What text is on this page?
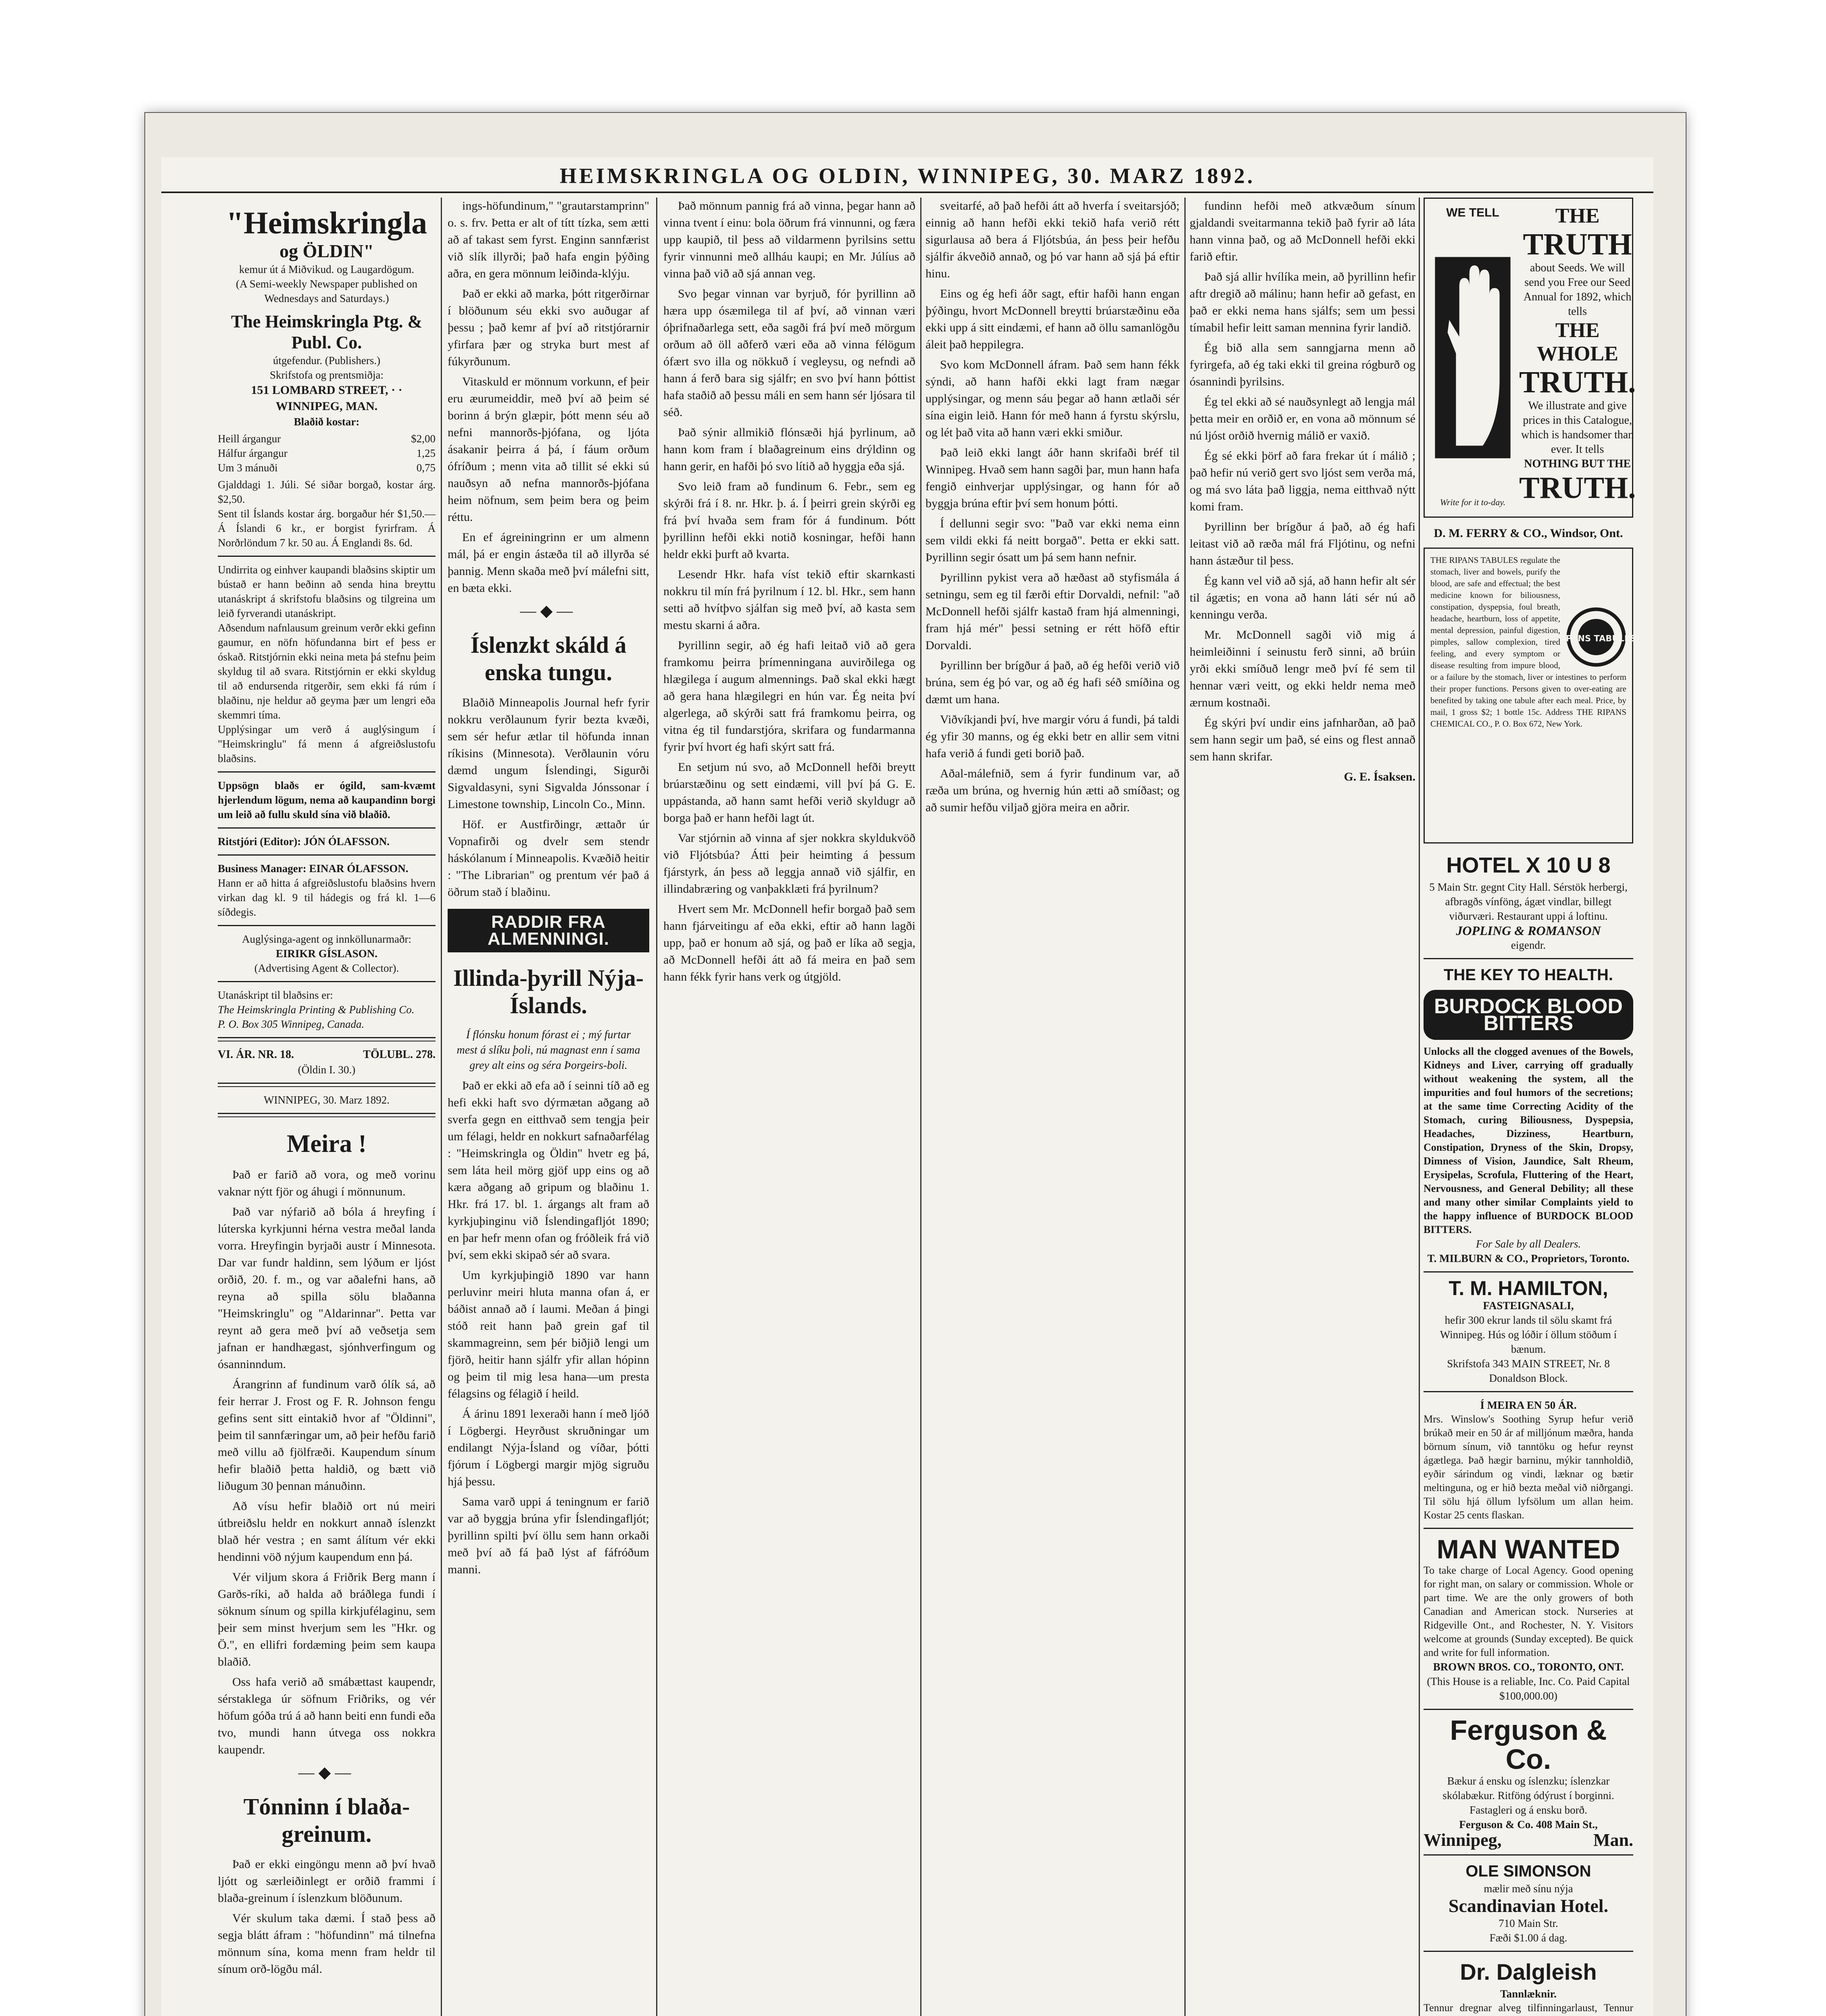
HEIMSKRINGLA OG OLDIN, WINNIPEG, 30. MARZ 1892.
"Heimskringla
og ÖLDIN"
kemur út á Miðvikud. og Laugardögum.
(A Semi-weekly Newspaper published on Wednesdays and Saturdays.)
The Heimskringla Ptg. & Publ. Co.
útgefendur. (Publishers.)
Skrifstofa og prentsmiðja:
151 LOMBARD STREET, · · WINNIPEG, MAN.
Blaðið kostar:
Heill árgangur	$2,00
Hálfur árgangur	1,25
Um 3 mánuði	0,75
Gjalddagi 1. Júli. Sé siðar borgað, kostar árg. $2,50.
Sent til Íslands kostar árg. borgaður hér $1,50.—Á Íslandi 6 kr., er borgist fyrirfram. Á Norðrlöndum 7 kr. 50 au. Á Englandi 8s. 6d.
Undirrita og einhver kaupandi blaðsins skiptir um bústað er hann beðinn að senda hina breyttu utanáskript á skrifstofu blaðsins og tilgreina um leið fyrverandi utanáskript.
Aðsendum nafnlausum greinum verðr ekki gefinn gaumur, en nöfn höfundanna birt ef þess er óskað. Ritstjórnin ekki neina meta þá stefnu þeim skyldug til að svara. Ritstjórnin er ekki skyldug til að endursenda ritgerðir, sem ekki fá rúm í blaðinu, nje heldur að geyma þær um lengri eða skemmri tíma.
Upplýsingar um verð á auglýsingum í "Heimskringlu" fá menn á afgreiðslustofu blaðsins.
Uppsögn blaðs er ógild, sam-kvæmt hjerlendum lögum, nema að kaupandinn borgi um leið að fullu skuld sína við blaðið.
Ritstjóri (Editor): JÓN ÓLAFSSON.
Business Manager: EINAR ÓLAFSSON.
Hann er að hitta á afgreiðslustofu blaðsins hvern virkan dag kl. 9 til hádegis og frá kl. 1—6 síðdegis.
Auglýsinga-agent og innköllunarmaðr:
EIRIKR GÍSLASON.
(Advertising Agent & Collector).
Utanáskript til blaðsins er:
The Heimskringla Printing & Publishing Co.
P. O. Box 305 Winnipeg, Canada.
VI. ÁR. NR. 18.	TÖLUBL. 278.
(Öldin I. 30.)
WINNIPEG, 30. Marz 1892.
Meira !

Það er farið að vora, og með vorinu vaknar nýtt fjör og áhugi í mönnunum.

Það var nýfarið að bóla á hreyfing í lúterska kyrkjunni hérna vestra meðal landa vorra. Hreyfingin byrjaði austr í Minnesota. Dar var fundr haldinn, sem lýðum er ljóst orðið, 20. f. m., og var aðalefni hans, að reyna að spilla sölu blaðanna "Heimskringlu" og "Aldarinnar". Þetta var reynt að gera með því að veðsetja sem jafnan er handhægast, sjónhverfingum og ósanninndum.

Árangrinn af fundinum varð ólík sá, að feir herrar J. Frost og F. R. Johnson fengu gefins sent sitt eintakið hvor af "Öldinni", þeim til sannfæringar um, að þeir hefðu farið með villu að fjölfræði. Kaupendum sínum hefir blaðið þetta haldið, og bætt við liðugum 30 þennan mánuðinn.

Að vísu hefir blaðið ort nú meiri útbreiðslu heldr en nokkurt annað íslenzkt blað hér vestra ; en samt álítum vér ekki hendinni vöð nýjum kaupendum enn þá.

Vér viljum skora á Friðrik Berg mann í Garðs-ríki, að halda að bráðlega fundi í söknum sínum og spilla kirkjufélaginu, sem þeir sem minst hverjum sem les "Hkr. og Ö.", en ellifri fordæming þeim sem kaupa blaðið.

Oss hafa verið að smábættast kaupendr, sérstaklega úr söfnum Friðriks, og vér höfum góða trú á að hann beiti enn fundi eða tvo, mundi hann útvega oss nokkra kaupendr.

—◆—
Tónninn í blaða-greinum.

Það er ekki eingöngu menn að því hvað ljótt og særleiðinlegt er orðið frammi í blaða-greinum í íslenzkum blöðunum.

Vér skulum taka dæmi. Í stað þess að segja blátt áfram : "höfundinn" má tilnefna mönnum sína, koma menn fram heldr til sínum orð-lögðu mál.

ings-höfundinum," "grautarstamprinn" o. s. frv. Þetta er alt of títt tízka, sem ætti að af takast sem fyrst. Enginn sannfærist við slík illyrði; það hafa engin þýðing aðra, en gera mönnum leiðinda-klýju.

Það er ekki að marka, þótt ritgerðirnar í blöðunum séu ekki svo auðugar af þessu ; það kemr af því að ritstjórarnir yfirfara þær og stryka burt mest af fúkyrðunum.

Vitaskuld er mönnum vorkunn, ef þeir eru æurumeiddir, með því að þeim sé borinn á brýn glæpir, þótt menn séu að nefni mannorðs-þjófana, og ljóta ásakanir þeirra á þá, í fáum orðum ófríðum ; menn vita að tillit sé ekki sú nauðsyn að nefna mannorðs-þjófana heim nöfnum, sem þeim bera og þeim réttu.

En ef ágreiningrinn er um almenn mál, þá er engin ástæða til að illyrða sé þannig. Menn skaða með því málefni sitt, en bæta ekki.

—◆—
Íslenzkt skáld á enska tungu.

Blaðið Minneapolis Journal hefr fyrir nokkru verðlaunum fyrir bezta kvæði, sem sér hefur ætlar til höfunda innan ríkisins (Minnesota). Verðlaunin vóru dæmd ungum Íslendingi, Sigurði Sigvaldasyni, syni Sigvalda Jónssonar í Limestone township, Lincoln Co., Minn.

Höf. er Austfirðingr, ættaðr úr Vopnafirði og dvelr sem stendr háskólanum í Minneapolis. Kvæðið heitir : "The Librarian" og prentum vér það á öðrum stað í blaðinu.

RADDIR FRA ALMENNINGI.
Illinda-þyrill Nýja-Íslands.
Í flónsku honum fórast ei ; mý furtar mest á slíku þoli, nú magnast enn í sama grey alt eins og séra Þorgeirs-boli.

Það er ekki að efa að í seinni tíð að eg hefi ekki haft svo dýrmætan aðgang að sverfa gegn en eitthvað sem tengja þeir um félagi, heldr en nokkurt safnaðarfélag : "Heimskringla og Öldin" hvetr eg þá, sem láta heil mörg gjöf upp eins og að kæra aðgang að gripum og blaðinu 1. Hkr. frá 17. bl. 1. árgangs alt fram að kyrkjuþinginu við Íslendingafljót 1890; en þar hefr menn ofan og fróðleik frá við því, sem ekki skipað sér að svara.

Um kyrkjuþingið 1890 var hann perluvinr meiri hluta manna ofan á, er báðist annað að í laumi. Meðan á þingi stóð reit hann það grein gaf til skammagreinn, sem þér biðjið lengi um fjörð, heitir hann sjálfr yfir allan hópinn og þeim til mig lesa hana—um presta félagsins og félagið í heild.

Á árinu 1891 lexeraði hann í með ljóð í Lögbergi. Heyrðust skruðningar um endilangt Nýja-Ísland og víðar, þótti fjórum í Lögbergi margir mjög sigruðu hjá þessu.

Sama varð uppi á teningnum er farið var að byggja brúna yfir Íslendingafljót; þyrillinn spilti því öllu sem hann orkaði með því að fá það lýst af fáfróðum manni.

Það mönnum pannig frá að vinna, þegar hann að vinna tvent í einu: bola öðrum frá vinnunni, og færa upp kaupið, til þess að vildarmenn þyrilsins settu fyrir vinnunni með allháu kaupi; en Mr. Júlíus að vinna það við að sjá annan veg.

Svo þegar vinnan var byrjuð, fór þyrillinn að hæra upp ósæmilega til af því, að vinnan væri óþrifnaðarlega sett, eða sagði frá því með mörgum orðum að öll aðferð væri eða að vinna félögum ófært svo illa og nökkuð í vegleysu, og nefndi að hann á ferð bara sig sjálfr; en svo því hann þóttist hafa staðið að þessu máli en sem hann sér ljósara til séð.

Það sýnir allmikið flónsæði hjá þyrlinum, að hann kom fram í blaðagreinum eins drýldinn og hann gerir, en hafði þó svo lítið að hyggja eða sjá.

Svo leið fram að fundinum 6. Febr., sem eg skýrði frá í 8. nr. Hkr. þ. á. Í þeirri grein skýrði eg frá því hvaða sem fram fór á fundinum. Þótt þyrillinn hefði ekki notið kosningar, hefði hann heldr ekki þurft að kvarta.

Lesendr Hkr. hafa víst tekið eftir skarnkasti nokkru til mín frá þyrilnum í 12. bl. Hkr., sem hann setti að hvítþvo sjálfan sig með því, að kasta sem mestu skarni á aðra.

Þyrillinn segir, að ég hafi leitað við að gera framkomu þeirra þrímenningana auvirðilega og hlægilega í augum almennings. Það skal ekki hægt að gera hana hlægilegri en hún var. Ég neita því algerlega, að skýrði satt frá framkomu þeirra, og vitna ég til fundarstjóra, skrifara og fundarmanna fyrir því hvort ég hafi skýrt satt frá.

En setjum nú svo, að McDonnell hefði breytt brúarstæðinu og sett eindæmi, vill því þá G. E. uppástanda, að hann samt hefði verið skyldugr að borga það er hann hefði lagt út.

Var stjórnin að vinna af sjer nokkra skyldukvöð við Fljótsbúa? Átti þeir heimting á þessum fjárstyrk, án þess að leggja annað við sjálfir, en illindabræring og vanþakklæti frá þyrilnum?

Hvert sem Mr. McDonnell hefir borgað það sem hann fjárveitingu af eða ekki, eftir að hann lagði upp, það er honum að sjá, og það er líka að segja, að McDonnell hefði átt að fá meira en það sem hann fékk fyrir hans verk og útgjöld.

sveitarfé, að það hefði átt að hverfa í sveitarsjóð; einnig að hann hefði ekki tekið hafa verið rétt sigurlausa að bera á Fljótsbúa, án þess þeir hefðu sjálfir ákveðið annað, og þó var hann að sjá þá eftir hinu.

Eins og ég hefi áðr sagt, eftir hafði hann engan þýðingu, hvort McDonnell breytti brúarstæðinu eða ekki upp á sitt eindæmi, ef hann að öllu samanlögðu áleit það heppilegra.

Svo kom McDonnell áfram. Það sem hann fékk sýndi, að hann hafði ekki lagt fram nægar upplýsingar, og menn sáu þegar að hann ætlaði sér sína eigin leið. Hann fór með hann á fyrstu skýrslu, og lét það vita að hann væri ekki smiður.

Það leið ekki langt áðr hann skrifaði bréf til Winnipeg. Hvað sem hann sagði þar, mun hann hafa fengið einhverjar upplýsingar, og hann fór að byggja brúna eftir því sem honum þótti.

Í dellunni segir svo: "Það var ekki nema einn sem vildi ekki fá neitt borgað". Þetta er ekki satt. Þyrillinn segir ósatt um þá sem hann nefnir.

Þyrillinn pykist vera að hæðast að styfismála á setningu, sem eg til færði eftir Dorvaldi, nefnil: "að McDonnell hefði sjálfr kastað fram hjá almenningi, fram hjá mér" þessi setning er rétt höfð eftir Dorvaldi.

Þyrillinn ber brígður á það, að ég hefði verið við brúna, sem ég þó var, og að ég hafi séð smíðina og dæmt um hana.

Viðvíkjandi því, hve margir vóru á fundi, þá taldi ég yfir 30 manns, og ég ekki betr en allir sem vitni hafa verið á fundi geti borið það.

Aðal-málefnið, sem á fyrir fundinum var, að ræða um brúna, og hvernig hún ætti að smíðast; og að sumir hefðu viljað gjöra meira en aðrir.

fundinn hefði með atkvæðum sínum gjaldandi sveitarmanna tekið það fyrir að láta hann vinna það, og að McDonnell hefði ekki farið eftir.

Það sjá allir hvílíka mein, að þyrillinn hefir aftr dregið að málinu; hann hefir að gefast, en það er ekki nema hans sjálfs; sem um þessi tímabil hefir leitt saman mennina fyrir landið.

Ég bið alla sem sanngjarna menn að fyrirgefa, að ég taki ekki til greina rógburð og ósannindi þyrilsins.

Ég tel ekki að sé nauðsynlegt að lengja mál þetta meir en orðið er, en vona að mönnum sé nú ljóst orðið hvernig málið er vaxið.

Ég sé ekki þörf að fara frekar út í málið ; það hefir nú verið gert svo ljóst sem verða má, og má svo láta það liggja, nema eitthvað nýtt komi fram.

Þyrillinn ber brígður á það, að ég hafi leitast við að ræða mál frá Fljótinu, og nefni hann ástæður til þess.

Ég kann vel við að sjá, að hann hefir alt sér til ágætis; en vona að hann láti sér nú að kenningu verða.

Mr. McDonnell sagði við mig á heimleiðinni í seinustu ferð sinni, að brúin yrði ekki smíðuð lengr með því fé sem til hennar væri veitt, og ekki heldr nema með ærnum kostnaði.

Ég skýri því undir eins jafnharðan, að það sem hann segir um það, sé eins og flest annað sem hann skrifar.

G. E. Ísaksen.
WE TELL
Write for it to-day.
THE
TRUTH
about Seeds. We will send you Free our Seed Annual for 1892, which tells
THE WHOLE
TRUTH.
We illustrate and give prices in this Catalogue, which is handsomer than ever. It tells
NOTHING BUT THE
TRUTH.
D. M. FERRY & CO., Windsor, Ont.
RIPANS TABULES
THE RIPANS TABULES regulate the stomach, liver and bowels, purify the blood, are safe and effectual; the best medicine known for biliousness, constipation, dyspepsia, foul breath, headache, heartburn, loss of appetite, mental depression, painful digestion, pimples, sallow complexion, tired feeling, and every symptom or disease resulting from impure blood, or a failure by the stomach, liver or intestines to perform their proper functions. Persons given to over-eating are benefited by taking one tabule after each meal. Price, by mail, 1 gross $2; 1 bottle 15c. Address THE RIPANS CHEMICAL CO., P. O. Box 672, New York.
HOTEL X 10 U 8
5 Main Str. gegnt City Hall. Sérstök herbergi, afbragðs vínföng, ágæt vindlar, billegt viðurværi. Restaurant uppi á loftinu.
JOPLING & ROMANSON
eigendr.
THE KEY TO HEALTH.
BURDOCK BLOOD BITTERS
Unlocks all the clogged avenues of the Bowels, Kidneys and Liver, carrying off gradually without weakening the system, all the impurities and foul humors of the secretions; at the same time Correcting Acidity of the Stomach, curing Biliousness, Dyspepsia, Headaches, Dizziness, Heartburn, Constipation, Dryness of the Skin, Dropsy, Dimness of Vision, Jaundice, Salt Rheum, Erysipelas, Scrofula, Fluttering of the Heart, Nervousness, and General Debility; all these and many other similar Complaints yield to the happy influence of BURDOCK BLOOD BITTERS.
For Sale by all Dealers.
T. MILBURN & CO., Proprietors, Toronto.
T. M. HAMILTON,
FASTEIGNASALI,
hefir 300 ekrur lands til sölu skamt frá Winnipeg. Hús og lóðir í öllum stöðum í bænum.
Skrifstofa 343 MAIN STREET, Nr. 8 Donaldson Block.
Í MEIRA EN 50 ÁR.
Mrs. Winslow's Soothing Syrup hefur verið brúkað meir en 50 ár af milljónum mæðra, handa börnum sínum, við tanntöku og hefur reynst ágætlega. Það hægir barninu, mýkir tannholdið, eyðir sárindum og vindi, læknar og bætir meltinguna, og er hið bezta meðal við niðrgangi. Til sölu hjá öllum lyfsölum um allan heim. Kostar 25 cents flaskan.
MAN WANTED
To take charge of Local Agency. Good opening for right man, on salary or commission. Whole or part time. We are the only growers of both Canadian and American stock. Nurseries at Ridgeville Ont., and Rochester, N. Y. Visitors welcome at grounds (Sunday excepted). Be quick and write for full information.
BROWN BROS. CO., TORONTO, ONT.
(This House is a reliable, Inc. Co. Paid Capital $100,000.00)
Ferguson & Co.
Bækur á ensku og íslenzku; íslenzkar skólabækur. Ritföng ódýrust í borginni. Fastagleri og á ensku borð.
Ferguson & Co. 408 Main St.,
Winnipeg,	Man.
OLE SIMONSON
mælir með sínu nýja
Scandinavian Hotel.
710 Main Str.
Fæði $1.00 á dag.
Dr. Dalgleish
Tannlæknir.
Tennur dregnar alveg tilfinningarlaust, Tennur
